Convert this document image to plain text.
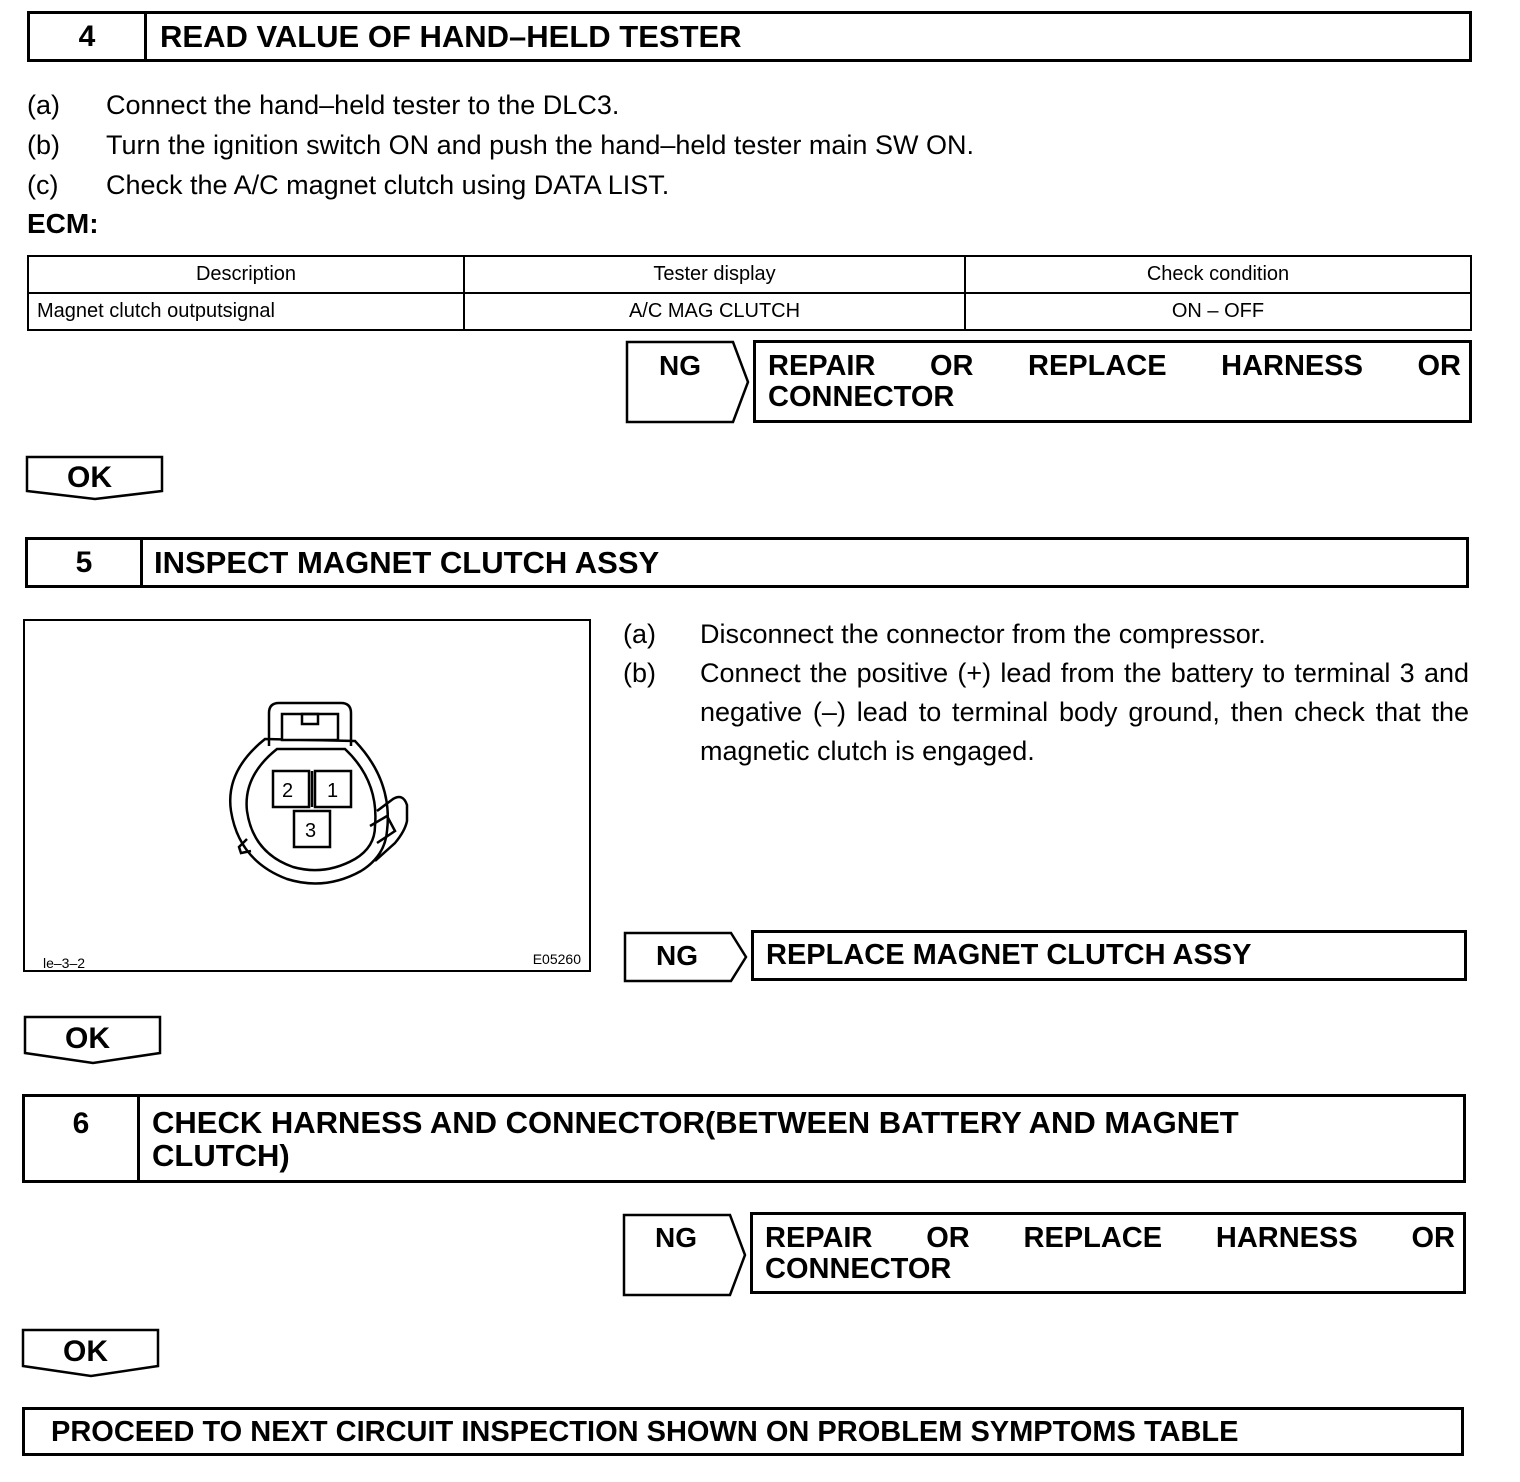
4	READ VALUE OF HAND–HELD TESTER
(a) Connect the hand–held tester to the DLC3.
(b) Turn the ignition switch ON and push the hand–held tester main SW ON.
(c) Check the A/C magnet clutch using DATA LIST.
ECM:
Description	Tester display	Check condition
Magnet clutch outputsignal	A/C MAG CLUTCH	ON – OFF
NG REPAIR OR REPLACE HARNESS OR
CONNECTOR
OK
5	INSPECT MAGNET CLUTCH ASSY
2 1
3
le–3–2	E05260
(a) Disconnect the connector from the compressor.
(b) Connect the positive (+) lead from the battery to terminal 3 and negative (–) lead to terminal body ground, then check that the magnetic clutch is engaged.
NG	REPLACE MAGNET CLUTCH ASSY
OK
6	CHECK HARNESS AND CONNECTOR(BETWEEN BATTERY AND MAGNET CLUTCH)
NG REPAIR OR REPLACE HARNESS OR
CONNECTOR
OK
PROCEED TO NEXT CIRCUIT INSPECTION SHOWN ON PROBLEM SYMPTOMS TABLE
